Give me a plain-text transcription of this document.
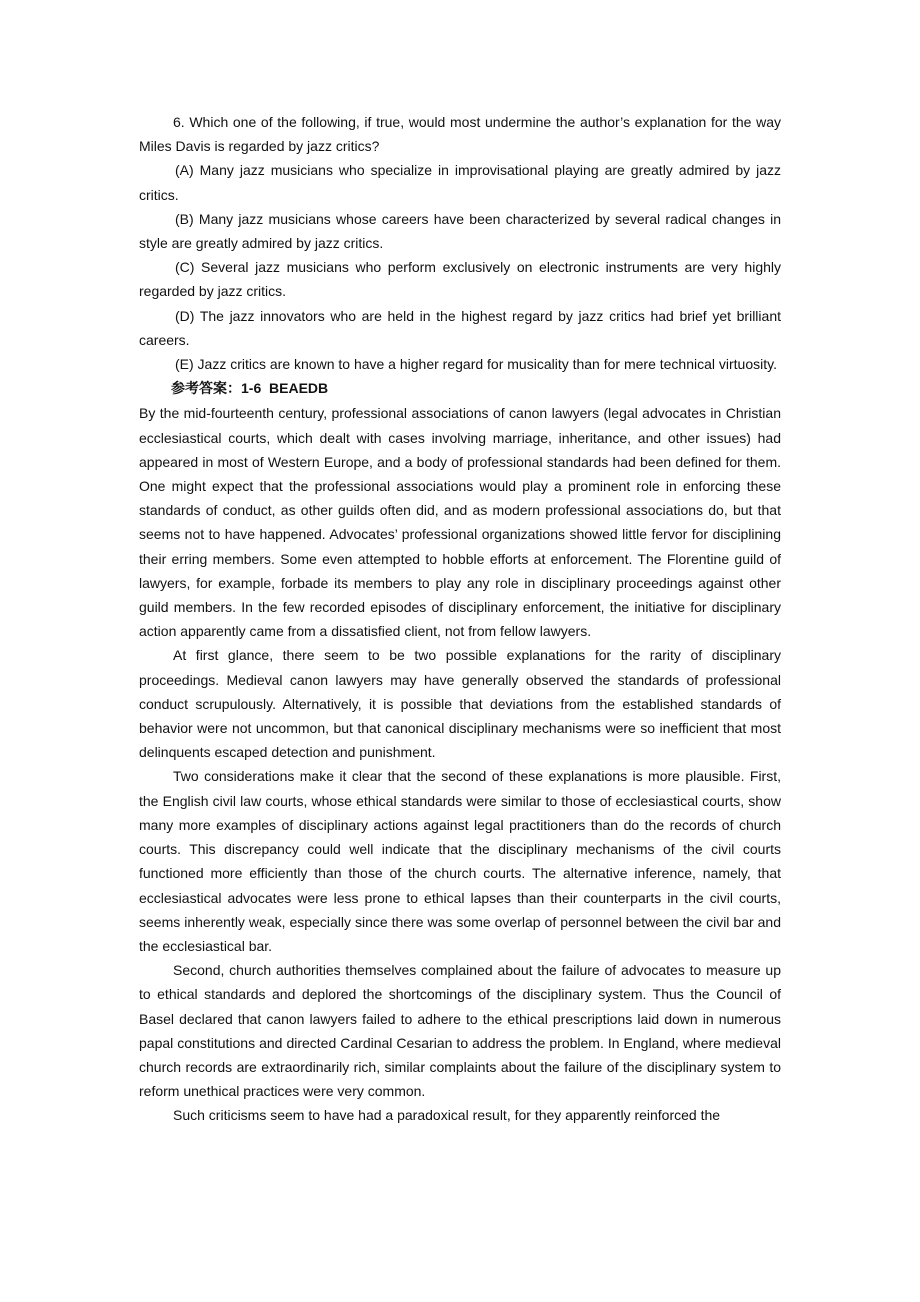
6. Which one of the following, if true, would most undermine the author’s explanation for the way Miles Davis is regarded by jazz critics?

(A) Many jazz musicians who specialize in improvisational playing are greatly admired by jazz critics.

(B) Many jazz musicians whose careers have been characterized by several radical changes in style are greatly admired by jazz critics.

(C) Several jazz musicians who perform exclusively on electronic instruments are very highly regarded by jazz critics.

(D) The jazz innovators who are held in the highest regard by jazz critics had brief yet brilliant careers.

(E) Jazz critics are known to have a higher regard for musicality than for mere technical virtuosity.

参考答案：1-6  BEAEDB

By the mid-fourteenth century, professional associations of canon lawyers (legal advocates in Christian ecclesiastical courts, which dealt with cases involving marriage, inheritance, and other issues) had appeared in most of Western Europe, and a body of professional standards had been defined for them. One might expect that the professional associations would play a prominent role in enforcing these standards of conduct, as other guilds often did, and as modern professional associations do, but that seems not to have happened. Advocates’ professional organizations showed little fervor for disciplining their erring members. Some even attempted to hobble efforts at enforcement. The Florentine guild of lawyers, for example, forbade its members to play any role in disciplinary proceedings against other guild members. In the few recorded episodes of disciplinary enforcement, the initiative for disciplinary action apparently came from a dissatisfied client, not from fellow lawyers.

At first glance, there seem to be two possible explanations for the rarity of disciplinary proceedings. Medieval canon lawyers may have generally observed the standards of professional conduct scrupulously. Alternatively, it is possible that deviations from the established standards of behavior were not uncommon, but that canonical disciplinary mechanisms were so inefficient that most delinquents escaped detection and punishment.

Two considerations make it clear that the second of these explanations is more plausible. First, the English civil law courts, whose ethical standards were similar to those of ecclesiastical courts, show many more examples of disciplinary actions against legal practitioners than do the records of church courts. This discrepancy could well indicate that the disciplinary mechanisms of the civil courts functioned more efficiently than those of the church courts. The alternative inference, namely, that ecclesiastical advocates were less prone to ethical lapses than their counterparts in the civil courts, seems inherently weak, especially since there was some overlap of personnel between the civil bar and the ecclesiastical bar.

Second, church authorities themselves complained about the failure of advocates to measure up to ethical standards and deplored the shortcomings of the disciplinary system. Thus the Council of Basel declared that canon lawyers failed to adhere to the ethical prescriptions laid down in numerous papal constitutions and directed Cardinal Cesarian to address the problem. In England, where medieval church records are extraordinarily rich, similar complaints about the failure of the disciplinary system to reform unethical practices were very common.

Such criticisms seem to have had a paradoxical result, for they apparently reinforced the
